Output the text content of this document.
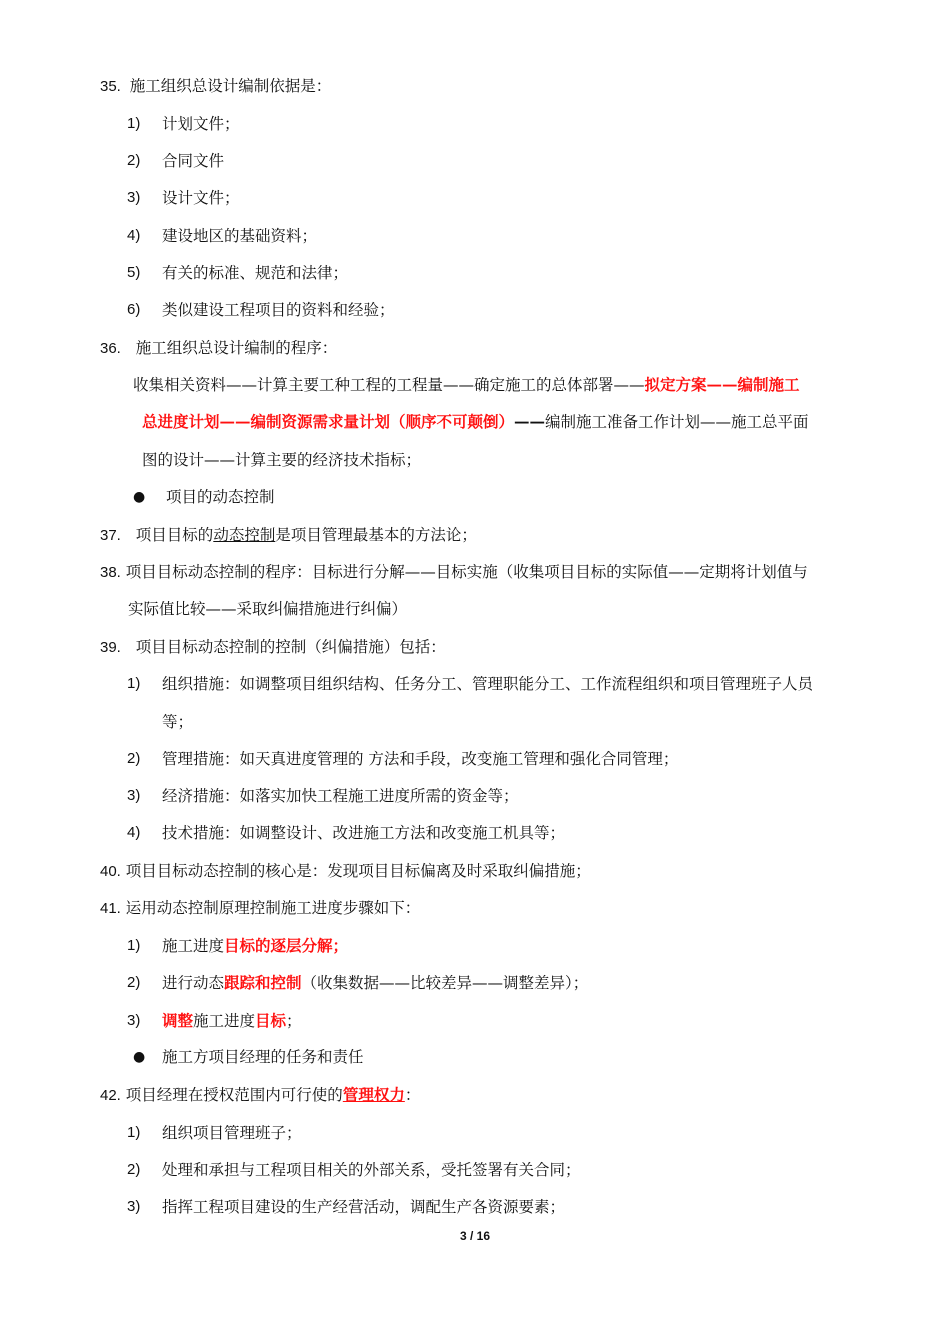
35. 施工组织总设计编制依据是：
1) 计划文件；
2) 合同文件
3) 设计文件；
4) 建设地区的基础资料；
5) 有关的标准、规范和法律；
6) 类似建设工程项目的资料和经验；
36. 施工组织总设计编制的程序：
收集相关资料——计算主要工种工程的工程量——确定施工的总体部署——拟定方案——编制施工
总进度计划——编制资源需求量计划（顺序不可颠倒）——编制施工准备工作计划——施工总平面
图的设计——计算主要的经济技术指标；
● 项目的动态控制
37. 项目目标的动态控制是项目管理最基本的方法论；
38. 项目目标动态控制的程序：目标进行分解——目标实施（收集项目目标的实际值——定期将计划值与
实际值比较——采取纠偏措施进行纠偏）
39. 项目目标动态控制的控制（纠偏措施）包括：
1) 组织措施：如调整项目组织结构、任务分工、管理职能分工、工作流程组织和项目管理班子人员
等；
2) 管理措施：如天真进度管理的 方法和手段，改变施工管理和强化合同管理；
3) 经济措施：如落实加快工程施工进度所需的资金等；
4) 技术措施：如调整设计、改进施工方法和改变施工机具等；
40. 项目目标动态控制的核心是：发现项目目标偏离及时采取纠偏措施；
41. 运用动态控制原理控制施工进度步骤如下：
1) 施工进度目标的逐层分解；
2) 进行动态跟踪和控制（收集数据——比较差异——调整差异）；
3) 调整施工进度目标；
● 施工方项目经理的任务和责任
42. 项目经理在授权范围内可行使的管理权力：
1) 组织项目管理班子；
2) 处理和承担与工程项目相关的外部关系，受托签署有关合同；
3) 指挥工程项目建设的生产经营活动，调配生产各资源要素；
3 / 16
